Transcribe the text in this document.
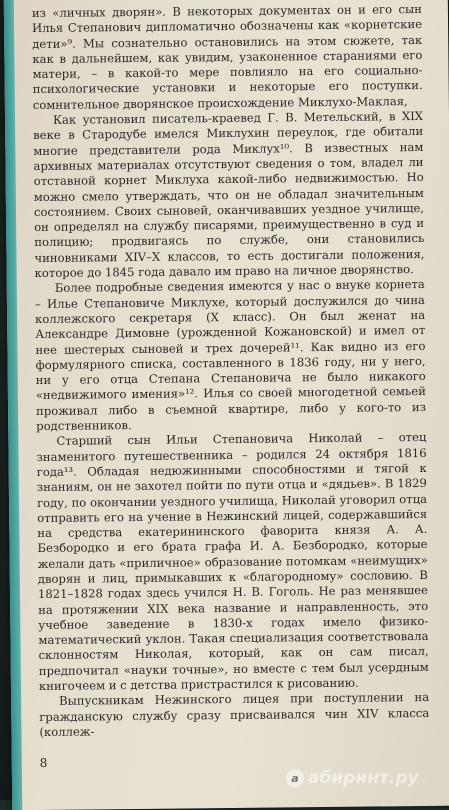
из «личных дворян». В некоторых документах он и его сын Илья Степанович дипломатично обозначены как «корнетские дети»⁹. Мы сознательно остановились на этом сюжете, так как в дальнейшем, как увидим, узаконенное стараниями его матери, – в какой-то мере повлияло на его социально-психологические установки и некоторые его поступки. сомнительное дворянское происхождение Миклухо-Маклая,

Как установил писатель-краевед Г. В. Метельский, в XIX веке в Стародубе имелся Миклухин переулок, где обитали многие представители рода Миклух¹⁰. В известных нам архивных материалах отсутствуют сведения о том, владел ли отставной корнет Миклуха какой-либо недвижимостью. Но можно смело утверждать, что он не обладал значительным состоянием. Своих сыновей, оканчивавших уездное училище, он определял на службу писарями, преимущественно в суд и полицию; продвигаясь по службе, они становились чиновниками XIV–X классов, то есть достигали положения, которое до 1845 года давало им право на личное дворянство.

Более подробные сведения имеются у нас о внуке корнета – Илье Степановиче Миклухе, который дослужился до чина коллежского секретаря (X класс). Он был женат на Александре Димовне (урожденной Кожановской) и имел от нее шестерых сыновей и трех дочерей¹¹. Как видно из его формулярного списка, составленного в 1836 году, ни у него, ни у его отца Степана Степановича не было никакого «недвижимого имения»¹². Илья со своей многодетной семьей проживал либо в съемной квартире, либо у кого-то из родственников.

Старший сын Ильи Степановича Николай – отец знаменитого путешественника – родился 24 октября 1816 года¹³. Обладая недюжинными способностями и тягой к знаниям, он не захотел пойти по пути отца и «дядьев». В 1829 году, по окончании уездного училища, Николай уговорил отца отправить его на учение в Нежинский лицей, содержавшийся на средства екатерининского фаворита князя А. А. Безбородко и его брата графа И. А. Безбородко, которые желали дать «приличное» образование потомкам «неимущих» дворян и лиц, примыкавших к «благородному» сословию. В 1821–1828 годах здесь учился Н. В. Гоголь. Не раз менявшее на протяжении XIX века название и направленность, это учебное заведение в 1830-х годах имело физико-математический уклон. Такая специализация соответствовала склонностям Николая, который, как он сам писал, предпочитал «науки точные», но вместе с тем был усердным книгочеем и с детства пристрастился к рисованию.

Выпускникам Нежинского лицея при поступлении на гражданскую службу сразу присваивался чин XIV класса (коллеж-

8
a абиринт.ру
